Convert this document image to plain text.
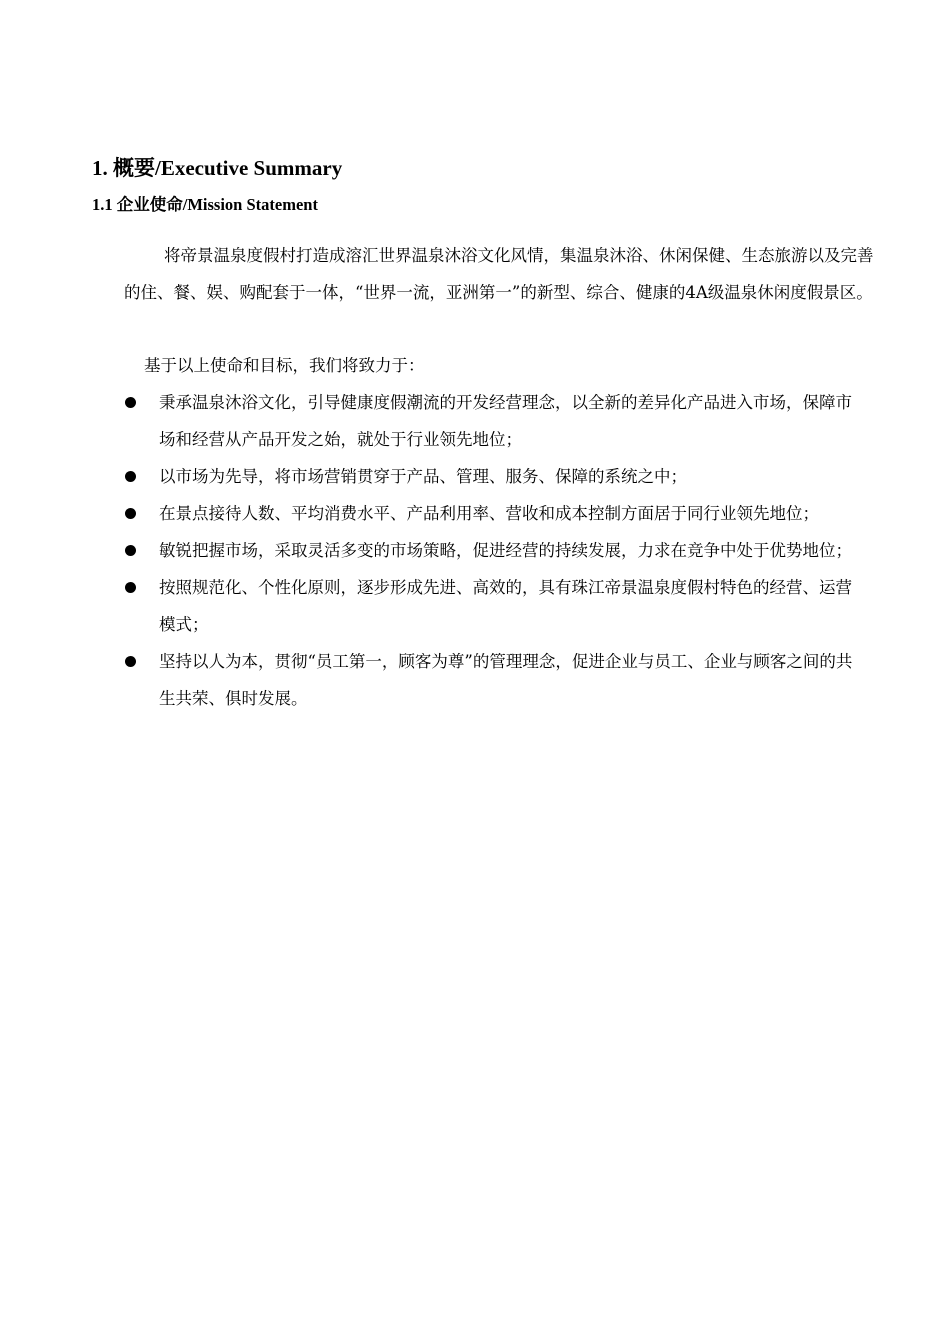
1. 概要/Executive Summary
1.1 企业使命/Mission Statement

将帝景温泉度假村打造成溶汇世界温泉沐浴文化风情，集温泉沐浴、休闲保健、生态旅游以及完善的住、餐、娱、购配套于一体，“世界一流，亚洲第一”的新型、综合、健康的4A级温泉休闲度假景区。

基于以上使命和目标，我们将致力于：

秉承温泉沐浴文化，引导健康度假潮流的开发经营理念，以全新的差异化产品进入市场，保障市场和经营从产品开发之始，就处于行业领先地位；
以市场为先导，将市场营销贯穿于产品、管理、服务、保障的系统之中；
在景点接待人数、平均消费水平、产品利用率、营收和成本控制方面居于同行业领先地位；
敏锐把握市场，采取灵活多变的市场策略，促进经营的持续发展，力求在竞争中处于优势地位；
按照规范化、个性化原则，逐步形成先进、高效的，具有珠江帝景温泉度假村特色的经营、运营模式；
坚持以人为本，贯彻“员工第一，顾客为尊”的管理理念，促进企业与员工、企业与顾客之间的共生共荣、俱时发展。
